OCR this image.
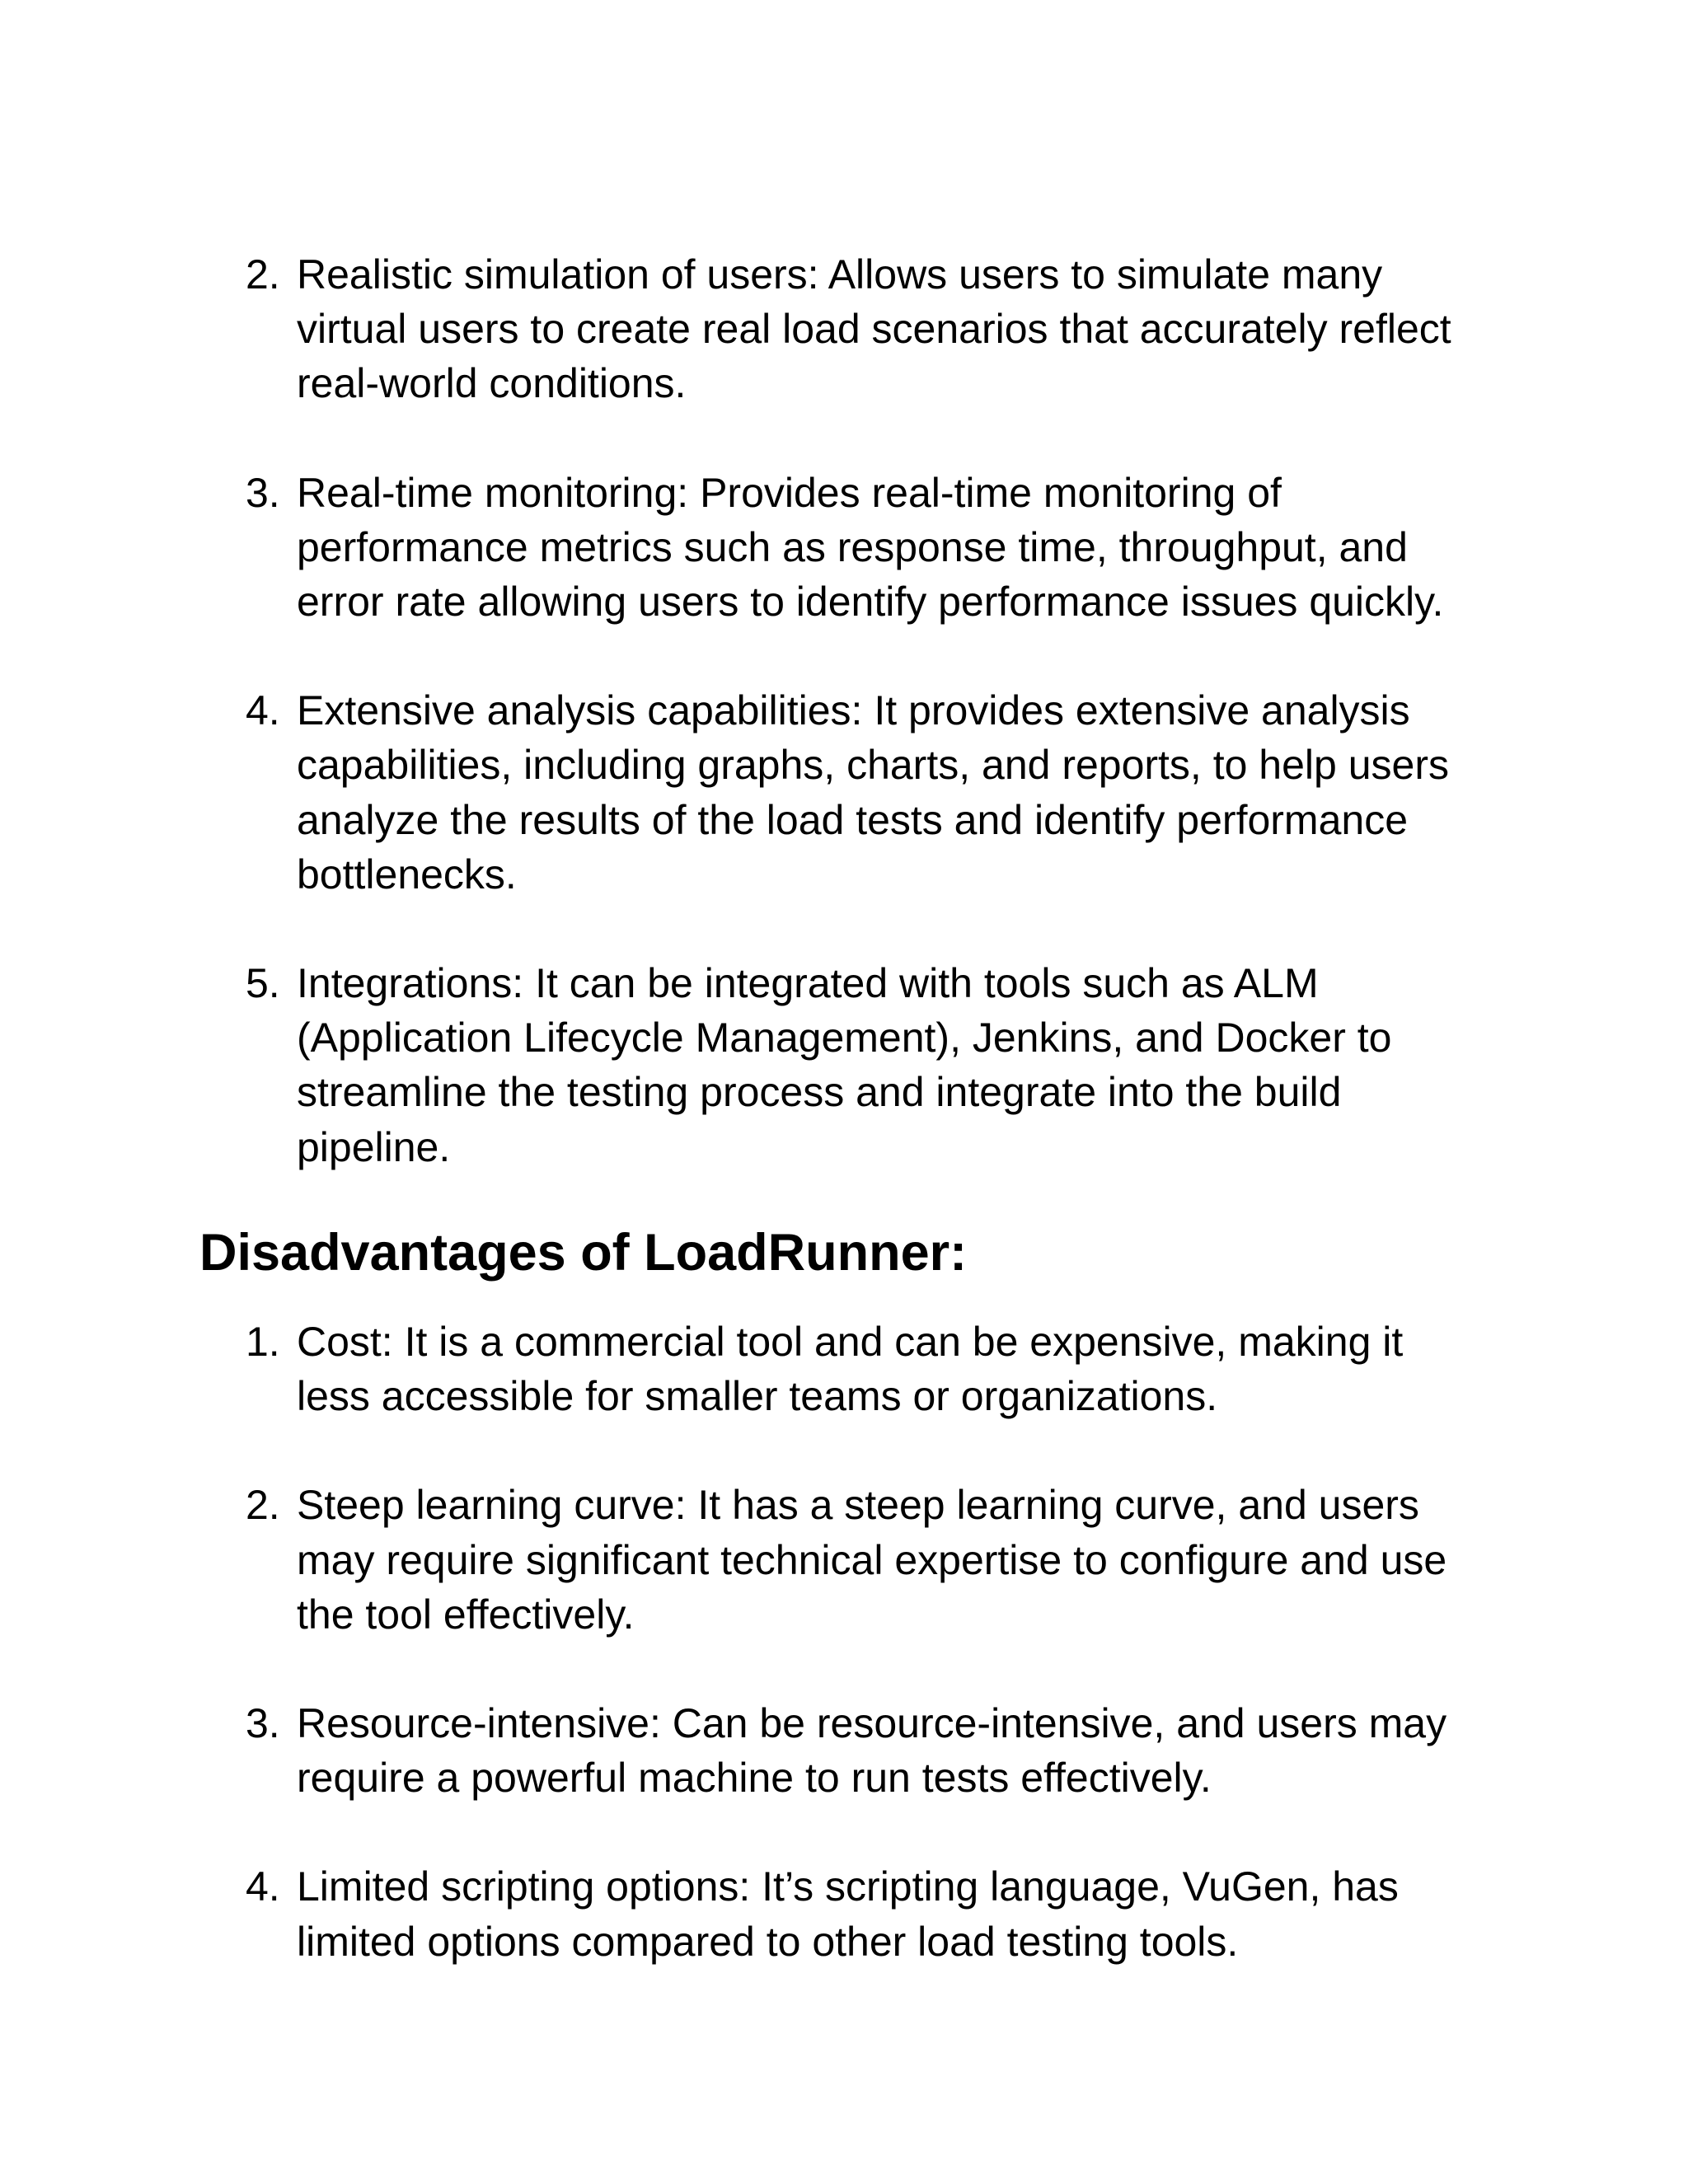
2. Realistic simulation of users: Allows users to simulate many
virtual users to create real load scenarios that accurately reflect
real-world conditions.
3. Real-time monitoring: Provides real-time monitoring of
performance metrics such as response time, throughput, and
error rate allowing users to identify performance issues quickly.
4. Extensive analysis capabilities: It provides extensive analysis
capabilities, including graphs, charts, and reports, to help users
analyze the results of the load tests and identify performance
bottlenecks.
5. Integrations: It can be integrated with tools such as ALM
(Application Lifecycle Management), Jenkins, and Docker to
streamline the testing process and integrate into the build
pipeline.
Disadvantages of LoadRunner:
1. Cost: It is a commercial tool and can be expensive, making it
less accessible for smaller teams or organizations.
2. Steep learning curve: It has a steep learning curve, and users
may require significant technical expertise to configure and use
the tool effectively.
3. Resource-intensive: Can be resource-intensive, and users may
require a powerful machine to run tests effectively.
4. Limited scripting options: It’s scripting language, VuGen, has
limited options compared to other load testing tools.
